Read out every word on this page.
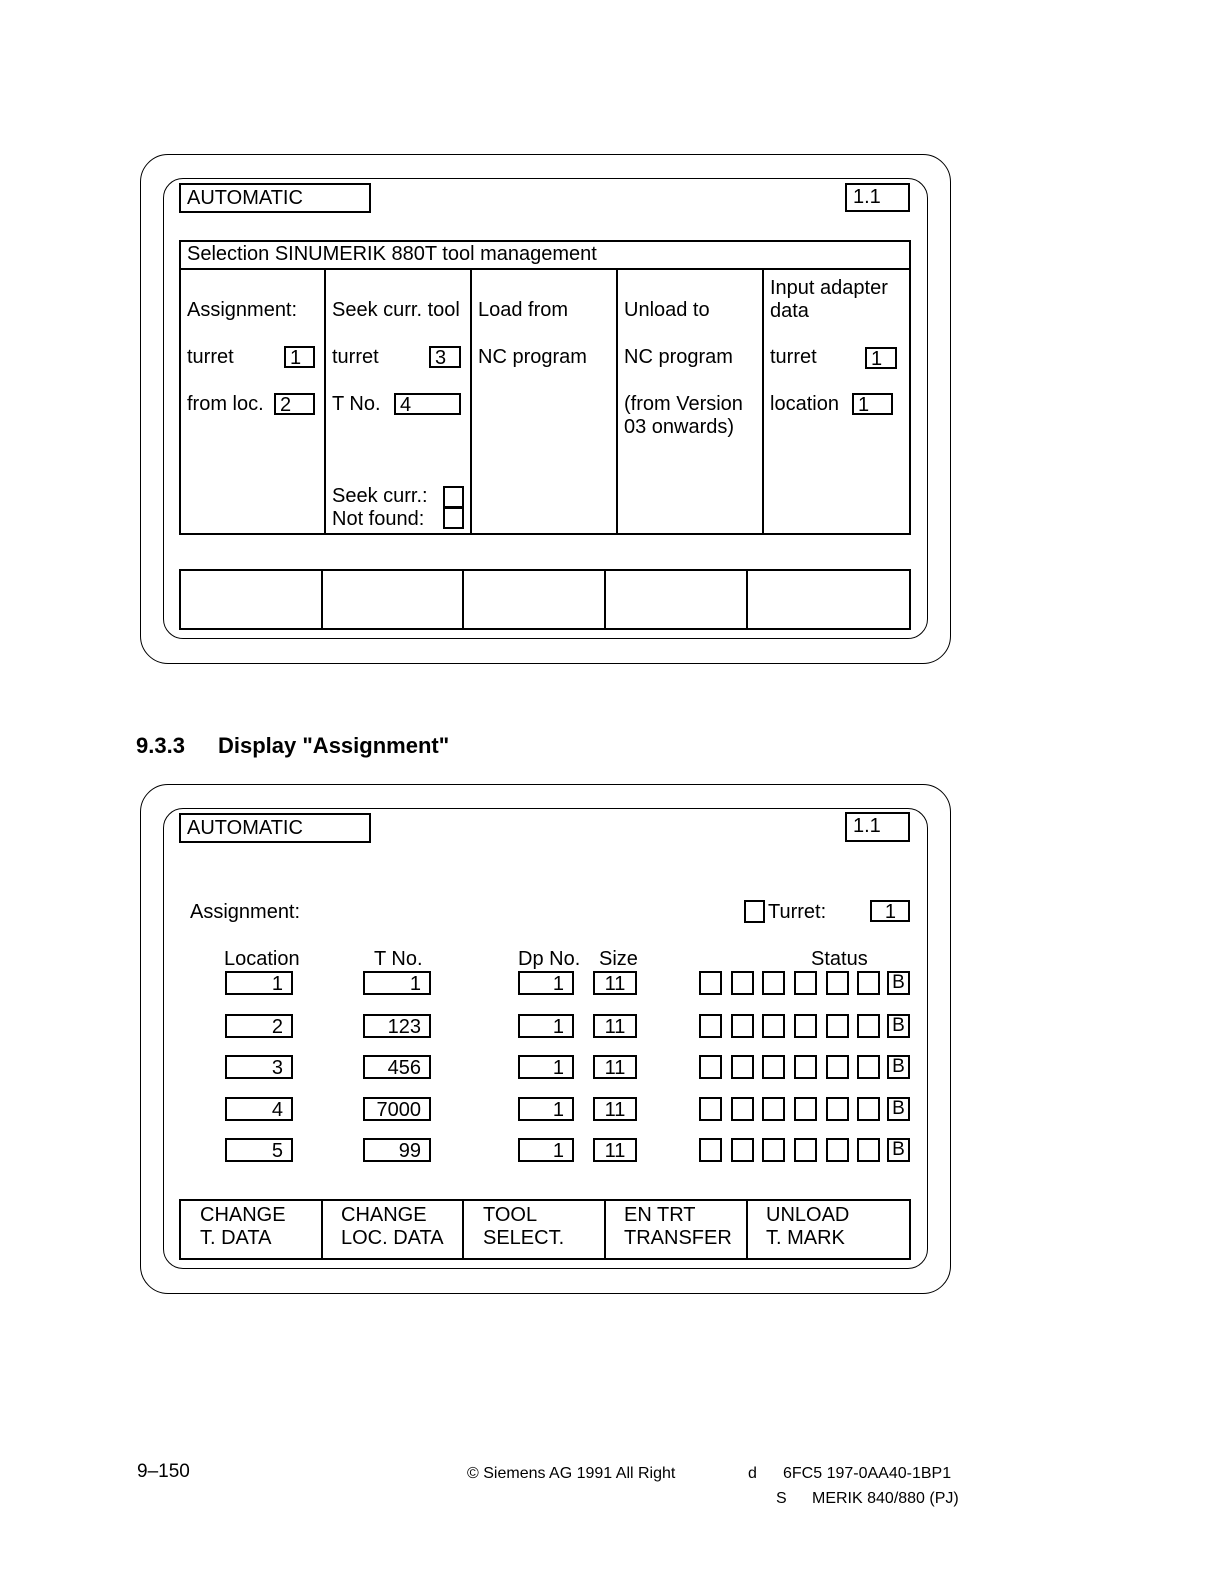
AUTOMATIC	1.1
Selection SINUMERIK 880T tool management
Assignment:
turret	1
from loc. 2
Seek curr. tool
turret	3
T No. 4
Seek curr.:
Not found:
Load from
NC program
Unload to
NC program
(from Version
03 onwards)
Input adapter
data
turret	1
location 1
9.3.3 Display "Assignment"
AUTOMATIC	1.1
Assignment:	Turret:	1
Location	T No.	Dp No. Size	Status
1	1	1	11	B
2	123	1	11	B
3	456	1	11	B
4	7000	1	11	B
5	99	1	11	B
CHANGE
T. DATA
CHANGE
LOC. DATA
TOOL
SELECT.
EN TRT
TRANSFER
UNLOAD
T. MARK
9–150	© Siemens AG 1991 All Right	d 6FC5 197-0AA40-1BP1
S MERIK 840/880 (PJ)
